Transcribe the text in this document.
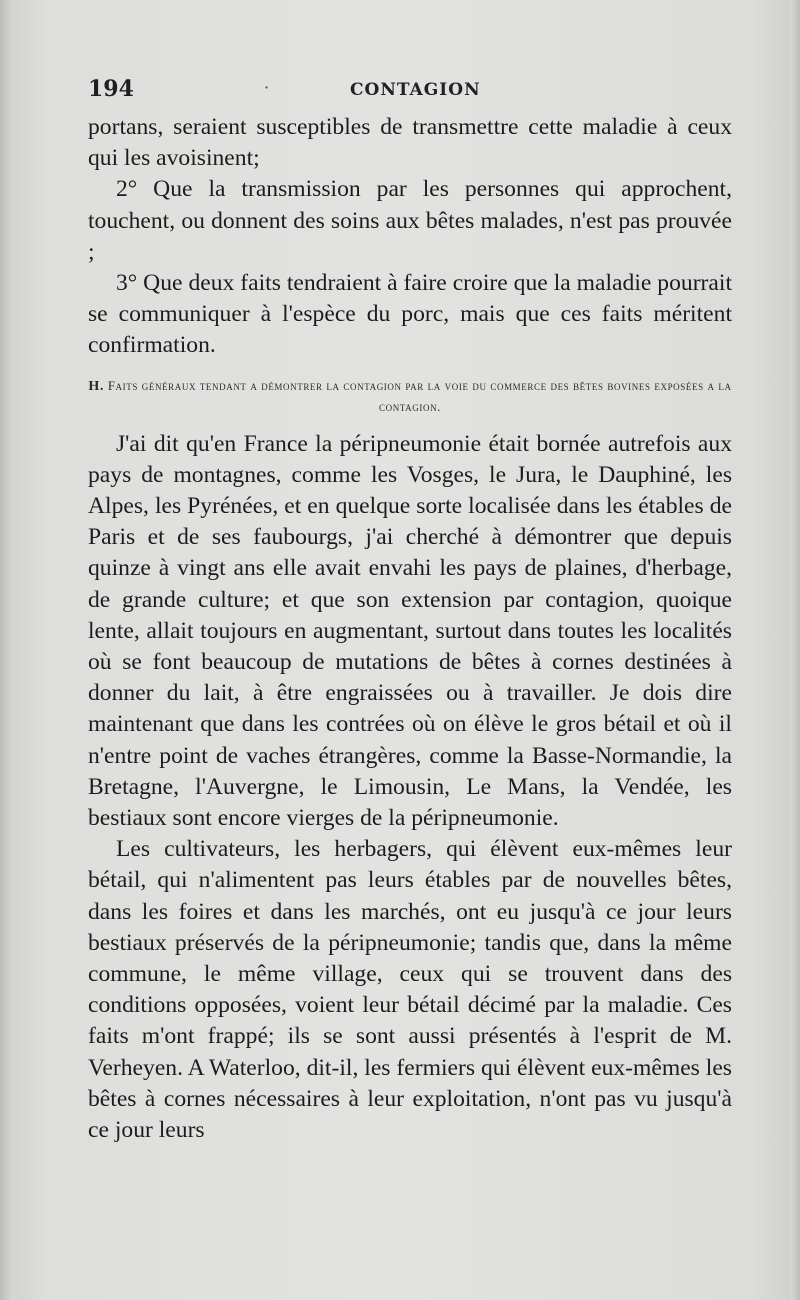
194	·	CONTAGION

portans, seraient susceptibles de transmettre cette maladie à ceux qui les avoisinent;

2° Que la transmission par les personnes qui approchent, touchent, ou donnent des soins aux bêtes malades, n'est pas prouvée ;

3° Que deux faits tendraient à faire croire que la maladie pourrait se communiquer à l'espèce du porc, mais que ces faits méritent confirmation.

H. Faits généraux tendant a démontrer la contagion par la voie du commerce des bêtes bovines exposées a la contagion.

J'ai dit qu'en France la péripneumonie était bornée autrefois aux pays de montagnes, comme les Vosges, le Jura, le Dauphiné, les Alpes, les Pyrénées, et en quelque sorte localisée dans les étables de Paris et de ses faubourgs, j'ai cherché à démontrer que depuis quinze à vingt ans elle avait envahi les pays de plaines, d'herbage, de grande culture; et que son extension par contagion, quoique lente, allait toujours en augmentant, surtout dans toutes les localités où se font beaucoup de mutations de bêtes à cornes destinées à donner du lait, à être engraissées ou à travailler. Je dois dire maintenant que dans les contrées où on élève le gros bétail et où il n'entre point de vaches étrangères, comme la Basse-Normandie, la Bretagne, l'Auvergne, le Limousin, Le Mans, la Vendée, les bestiaux sont encore vierges de la péripneumonie.

Les cultivateurs, les herbagers, qui élèvent eux-mêmes leur bétail, qui n'alimentent pas leurs étables par de nouvelles bêtes, dans les foires et dans les marchés, ont eu jusqu'à ce jour leurs bestiaux préservés de la péripneumonie; tandis que, dans la même commune, le même village, ceux qui se trouvent dans des conditions opposées, voient leur bétail décimé par la maladie. Ces faits m'ont frappé; ils se sont aussi présentés à l'esprit de M. Verheyen. A Waterloo, dit-il, les fermiers qui élèvent eux-mêmes les bêtes à cornes nécessaires à leur exploitation, n'ont pas vu jusqu'à ce jour leurs
